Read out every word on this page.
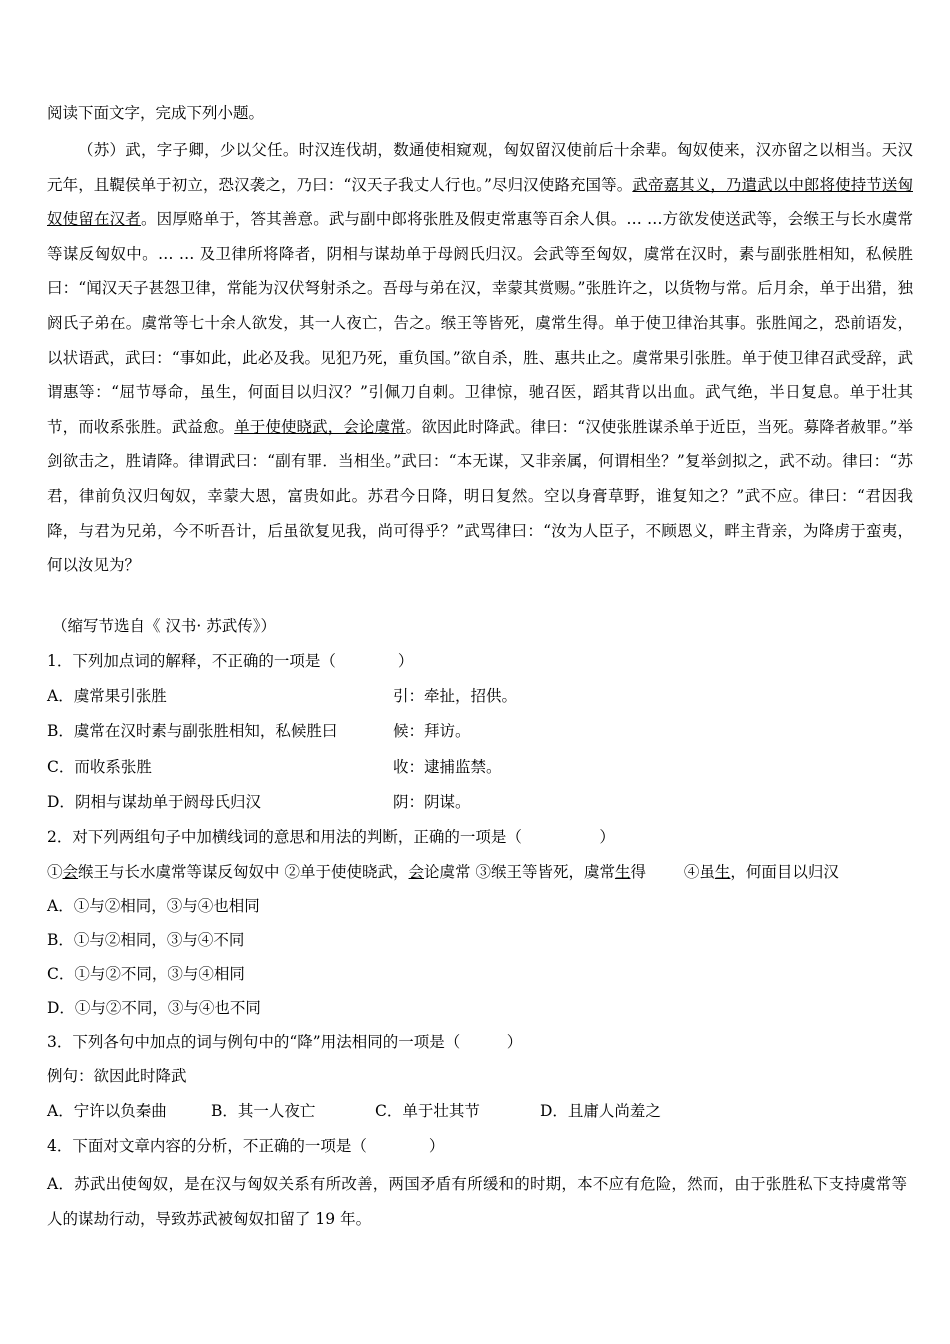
阅读下面文字，完成下列小题。

（苏）武，字子卿，少以父任。时汉连伐胡，数通使相窥观，匈奴留汉使前后十余辈。匈奴使来，汉亦留之以相当。天汉元年，且鞮侯单于初立，恐汉袭之，乃曰：“汉天子我丈人行也。”尽归汉使路充国等。武帝嘉其义，乃遣武以中郎将使持节送匈奴使留在汉者。因厚赂单于，答其善意。武与副中郎将张胜及假吏常惠等百余人俱。… …方欲发使送武等，会缑王与长水虞常等谋反匈奴中。… … 及卫律所将降者，阴相与谋劫单于母阏氏归汉。会武等至匈奴，虞常在汉时，素与副张胜相知，私候胜曰：“闻汉天子甚怨卫律，常能为汉伏弩射杀之。吾母与弟在汉，幸蒙其赏赐。”张胜许之，以货物与常。后月余，单于出猎，独阏氏子弟在。虞常等七十余人欲发，其一人夜亡，告之。缑王等皆死，虞常生得。单于使卫律治其事。张胜闻之，恐前语发，以状语武，武曰：“事如此，此必及我。见犯乃死，重负国。”欲自杀，胜、惠共止之。虞常果引张胜。单于使卫律召武受辞，武谓惠等：“屈节辱命，虽生，何面目以归汉？”引佩刀自刺。卫律惊，驰召医，蹈其背以出血。武气绝，半日复息。单于壮其节，而收系张胜。武益愈。单于使使晓武，会论虞常。欲因此时降武。律曰：“汉使张胜谋杀单于近臣，当死。募降者赦罪。”举剑欲击之，胜请降。律谓武曰：“副有罪．当相坐。”武曰：“本无谋，又非亲属，何谓相坐？”复举剑拟之，武不动。律曰：“苏君，律前负汉归匈奴，幸蒙大恩，富贵如此。苏君今日降，明日复然。空以身膏草野，谁复知之？”武不应。律曰：“君因我降，与君为兄弟，今不听吾计，后虽欲复见我，尚可得乎？”武骂律曰：“汝为人臣子，不顾恩义，畔主背亲，为降虏于蛮夷，何以汝见为？

（缩写节选自《 汉书· 苏武传》）
1．下列加点词的解释，不正确的一项是（　　　　）
A．虞常果引张胜	引：牵扯，招供。
B．虞常在汉时素与副张胜相知，私候胜曰	候：拜访。
C．而收系张胜	收：逮捕监禁。
D．阴相与谋劫单于阏母氏归汉	阴：阴谋。
2．对下列两组句子中加横线词的意思和用法的判断，正确的一项是（　　　　　）
①会缑王与长水虞常等谋反匈奴中 ②单于使使晓武，会论虞常 ③缑王等皆死，虞常生得 ④虽生，何面目以归汉
A．①与②相同，③与④也相同
B．①与②相同，③与④不同
C．①与②不同，③与④相同
D．①与②不同，③与④也不同
3．下列各句中加点的词与例句中的“降”用法相同的一项是（　　　）
例句：欲因此时降武
A．宁许以负秦曲	B．其一人夜亡	C．单于壮其节	D．且庸人尚羞之
4．下面对文章内容的分析，不正确的一项是（　　　　）

A．苏武出使匈奴，是在汉与匈奴关系有所改善，两国矛盾有所缓和的时期，本不应有危险，然而，由于张胜私下支持虞常等人的谋劫行动，导致苏武被匈奴扣留了 19 年。
